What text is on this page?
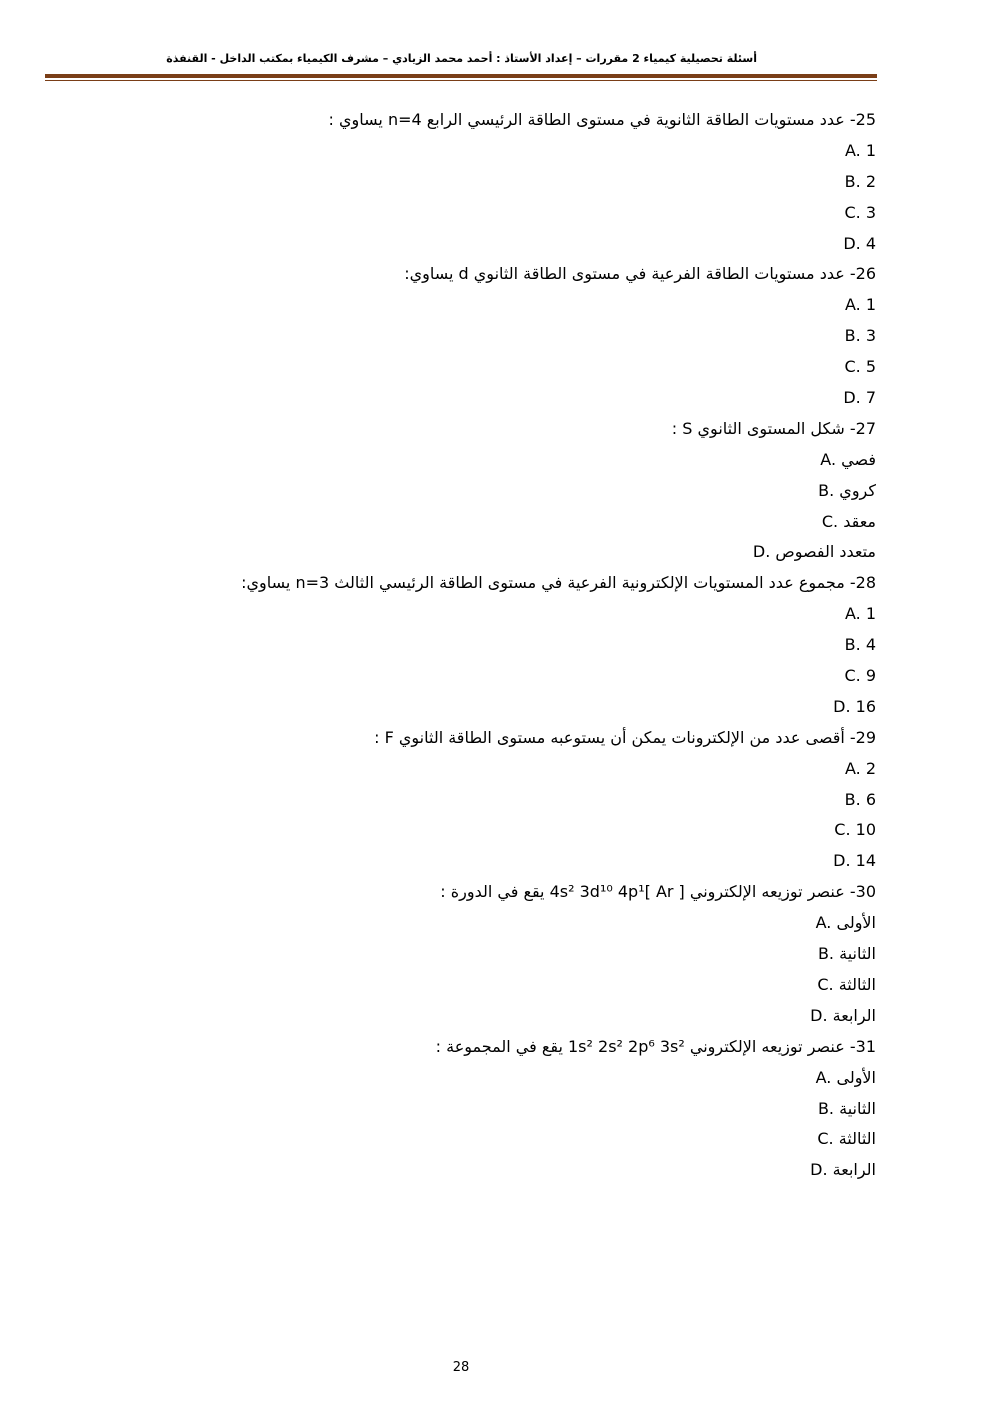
أسئلة تحصيلية كيمياء 2 مقررات – إعداد الأستاذ : أحمد محمد الزيادي – مشرف الكيمياء بمكتب الداخل - القنفذة
25- عدد مستويات الطاقة الثانوية في مستوى الطاقة الرئيسي الرابع n=4 يساوي :
A. 1
B. 2
C. 3
D. 4
26- عدد مستويات الطاقة الفرعية في مستوى الطاقة الثانوي d يساوي:
A. 1
B. 3
C. 5
D. 7
27- شكل المستوى الثانوي S :
A. فصي
B. كروي
C. معقد
D. متعدد الفصوص
28- مجموع عدد المستويات الإلكترونية الفرعية في مستوى الطاقة الرئيسي الثالث n=3 يساوي:
A. 1
B. 4
C. 9
D. 16
29- أقصى عدد من الإلكترونات يمكن أن يستوعبه مستوى الطاقة الثانوي F :
A. 2
B. 6
C. 10
D. 14
30- عنصر توزيعه الإلكتروني [ Ar ]4s² 3d¹⁰ 4p¹ يقع في الدورة :
A. الأولى
B. الثانية
C. الثالثة
D. الرابعة
31- عنصر توزيعه الإلكتروني 1s² 2s² 2p⁶ 3s² يقع في المجموعة :
A. الأولى
B. الثانية
C. الثالثة
D. الرابعة
28
